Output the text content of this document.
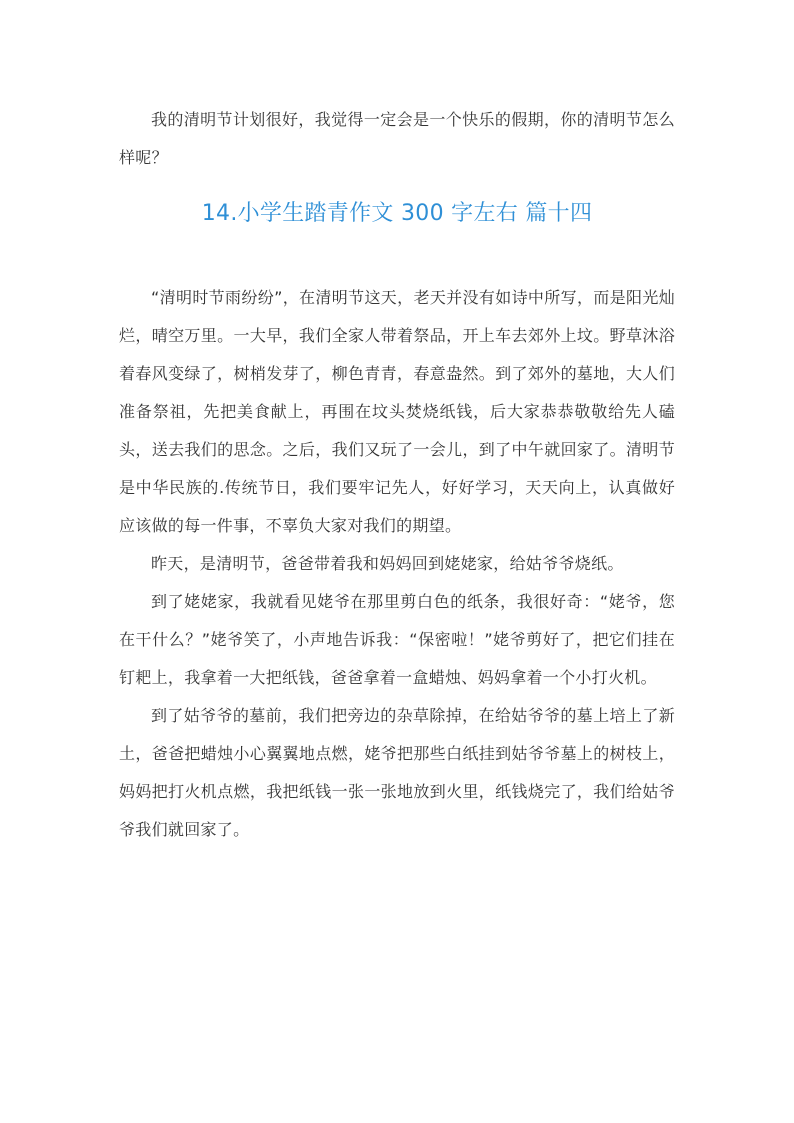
我的清明节计划很好，我觉得一定会是一个快乐的假期，你的清明节怎么样呢？

14.小学生踏青作文 300 字左右 篇十四

“清明时节雨纷纷”，在清明节这天，老天并没有如诗中所写，而是阳光灿烂，晴空万里。一大早，我们全家人带着祭品，开上车去郊外上坟。野草沐浴着春风变绿了，树梢发芽了，柳色青青，春意盎然。到了郊外的墓地，大人们准备祭祖，先把美食献上，再围在坟头焚烧纸钱，后大家恭恭敬敬给先人磕头，送去我们的思念。之后，我们又玩了一会儿，到了中午就回家了。清明节是中华民族的.传统节日，我们要牢记先人，好好学习，天天向上，认真做好应该做的每一件事，不辜负大家对我们的期望。

昨天，是清明节，爸爸带着我和妈妈回到姥姥家，给姑爷爷烧纸。

到了姥姥家，我就看见姥爷在那里剪白色的纸条，我很好奇：“姥爷，您在干什么？”姥爷笑了，小声地告诉我：“保密啦！”姥爷剪好了，把它们挂在钉耙上，我拿着一大把纸钱，爸爸拿着一盒蜡烛、妈妈拿着一个小打火机。

到了姑爷爷的墓前，我们把旁边的杂草除掉，在给姑爷爷的墓上培上了新土，爸爸把蜡烛小心翼翼地点燃，姥爷把那些白纸挂到姑爷爷墓上的树枝上，妈妈把打火机点燃，我把纸钱一张一张地放到火里，纸钱烧完了，我们给姑爷爷我们就回家了。
